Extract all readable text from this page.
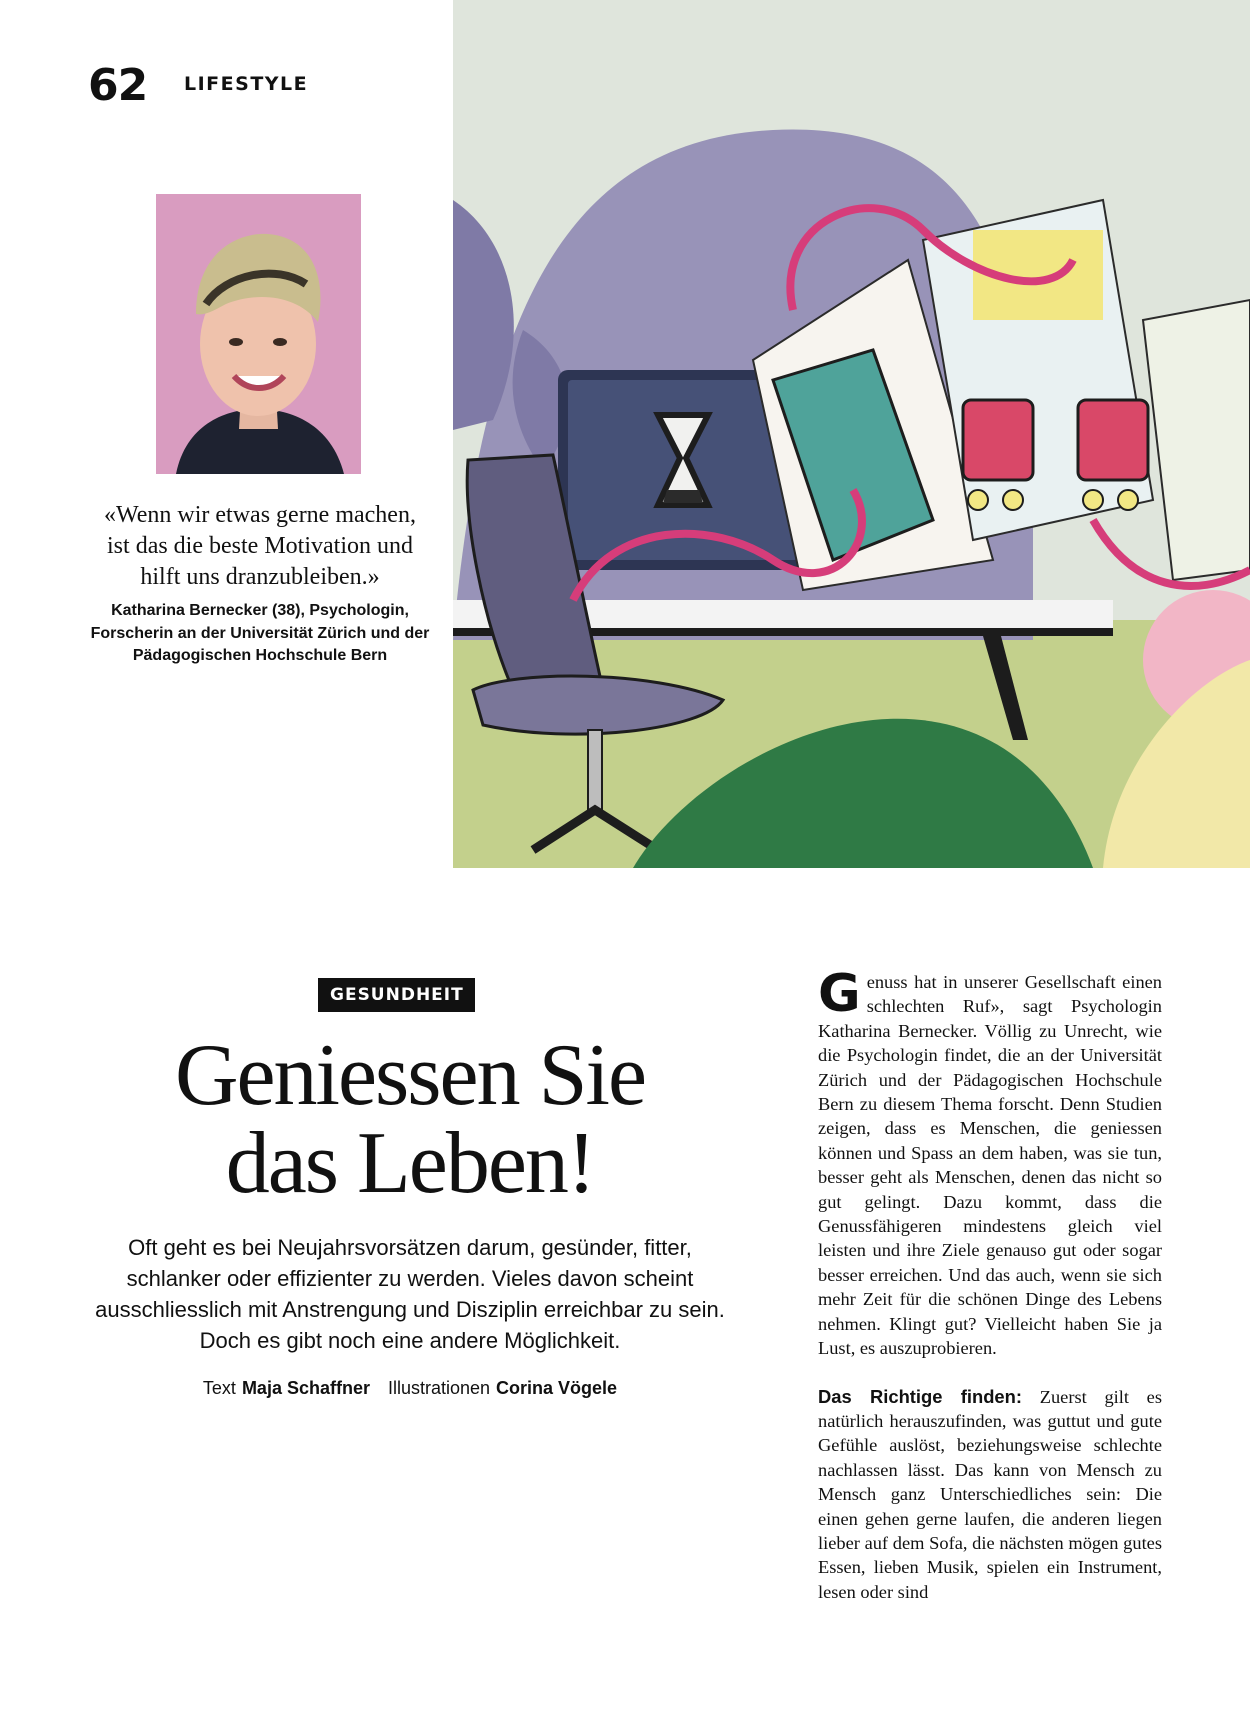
62 LIFESTYLE
«Wenn wir etwas gerne machen, ist das die beste Motivation und hilft uns dranzubleiben.»
Katharina Bernecker (38), Psychologin, Forscherin an der Universität Zürich und der Pädagogischen Hochschule Bern
GESUNDHEIT
Geniessen Sie
das Leben!
Oft geht es bei Neujahrsvorsätzen darum, gesünder, fitter, schlanker oder effizienter zu werden. Vieles davon scheint ausschliesslich mit Anstrengung und Disziplin erreichbar zu sein. Doch es gibt noch eine andere Möglichkeit.
Text Maja Schaffner Illustrationen Corina Vögele

Genuss hat in unserer Gesellschaft einen schlechten Ruf», sagt Psychologin Katharina Bernecker. Völlig zu Unrecht, wie die Psychologin findet, die an der Universität Zürich und der Pädagogischen Hochschule Bern zu diesem Thema forscht. Denn Studien zeigen, dass es Menschen, die geniessen können und Spass an dem haben, was sie tun, besser geht als Menschen, denen das nicht so gut gelingt. Dazu kommt, dass die Genussfähigeren mindestens gleich viel leisten und ihre Ziele genauso gut oder sogar besser erreichen. Und das auch, wenn sie sich mehr Zeit für die schönen Dinge des Lebens nehmen. Klingt gut? Vielleicht haben Sie ja Lust, es auszuprobieren.

Das Richtige finden: Zuerst gilt es natürlich herauszufinden, was guttut und gute Gefühle auslöst, beziehungsweise schlechte nachlassen lässt. Das kann von Mensch zu Mensch ganz Unterschiedliches sein: Die einen gehen gerne laufen, die anderen liegen lieber auf dem Sofa, die nächsten mögen gutes Essen, lieben Musik, spielen ein Instrument, lesen oder sind
